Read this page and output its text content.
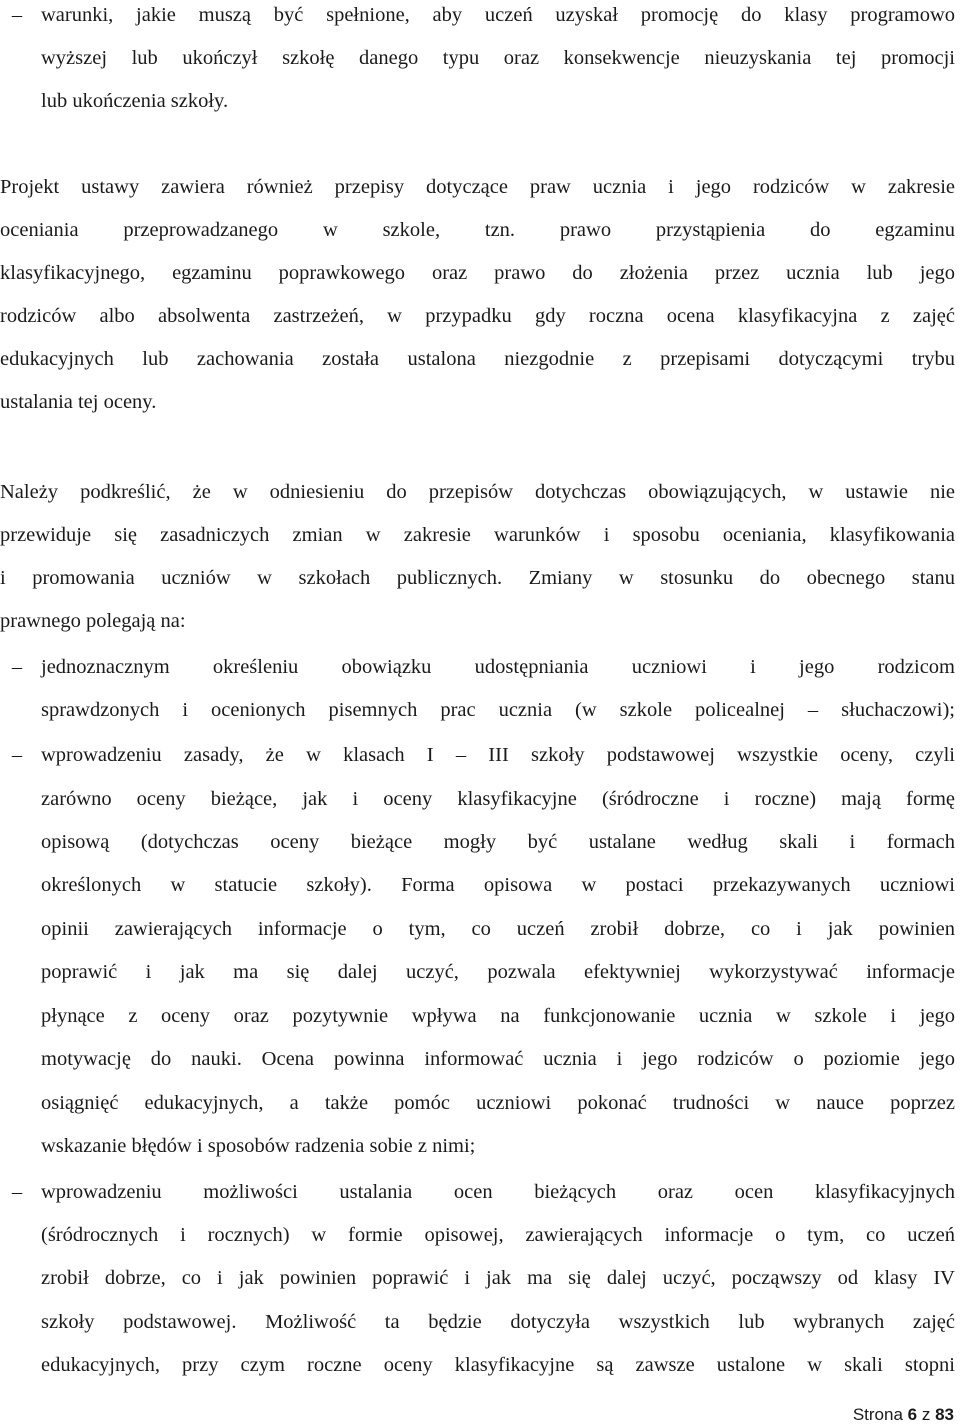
– warunki, jakie muszą być spełnione, aby uczeń uzyskał promocję do klasy programowo
wyższej lub ukończył szkołę danego typu oraz konsekwencje nieuzyskania tej promocji
lub ukończenia szkoły.
Projekt ustawy zawiera również przepisy dotyczące praw ucznia i jego rodziców w zakresie
oceniania przeprowadzanego w szkole, tzn. prawo przystąpienia do egzaminu
klasyfikacyjnego, egzaminu poprawkowego oraz prawo do złożenia przez ucznia lub jego
rodziców albo absolwenta zastrzeżeń, w przypadku gdy roczna ocena klasyfikacyjna z zajęć
edukacyjnych lub zachowania została ustalona niezgodnie z przepisami dotyczącymi trybu
ustalania tej oceny.
Należy podkreślić, że w odniesieniu do przepisów dotychczas obowiązujących, w ustawie nie
przewiduje się zasadniczych zmian w zakresie warunków i sposobu oceniania, klasyfikowania
i promowania uczniów w szkołach publicznych. Zmiany w stosunku do obecnego stanu
prawnego polegają na:
– jednoznacznym określeniu obowiązku udostępniania uczniowi i jego rodzicom
sprawdzonych i ocenionych pisemnych prac ucznia (w szkole policealnej – słuchaczowi);
– wprowadzeniu zasady, że w klasach I – III szkoły podstawowej wszystkie oceny, czyli
zarówno oceny bieżące, jak i oceny klasyfikacyjne (śródroczne i roczne) mają formę
opisową (dotychczas oceny bieżące mogły być ustalane według skali i formach
określonych w statucie szkoły). Forma opisowa w postaci przekazywanych uczniowi
opinii zawierających informacje o tym, co uczeń zrobił dobrze, co i jak powinien
poprawić i jak ma się dalej uczyć, pozwala efektywniej wykorzystywać informacje
płynące z oceny oraz pozytywnie wpływa na funkcjonowanie ucznia w szkole i jego
motywację do nauki. Ocena powinna informować ucznia i jego rodziców o poziomie jego
osiągnięć edukacyjnych, a także pomóc uczniowi pokonać trudności w nauce poprzez
wskazanie błędów i sposobów radzenia sobie z nimi;
– wprowadzeniu możliwości ustalania ocen bieżących oraz ocen klasyfikacyjnych
(śródrocznych i rocznych) w formie opisowej, zawierających informacje o tym, co uczeń
zrobił dobrze, co i jak powinien poprawić i jak ma się dalej uczyć, począwszy od klasy IV
szkoły podstawowej. Możliwość ta będzie dotyczyła wszystkich lub wybranych zajęć
edukacyjnych, przy czym roczne oceny klasyfikacyjne są zawsze ustalone w skali stopni
Strona 6 z 83
